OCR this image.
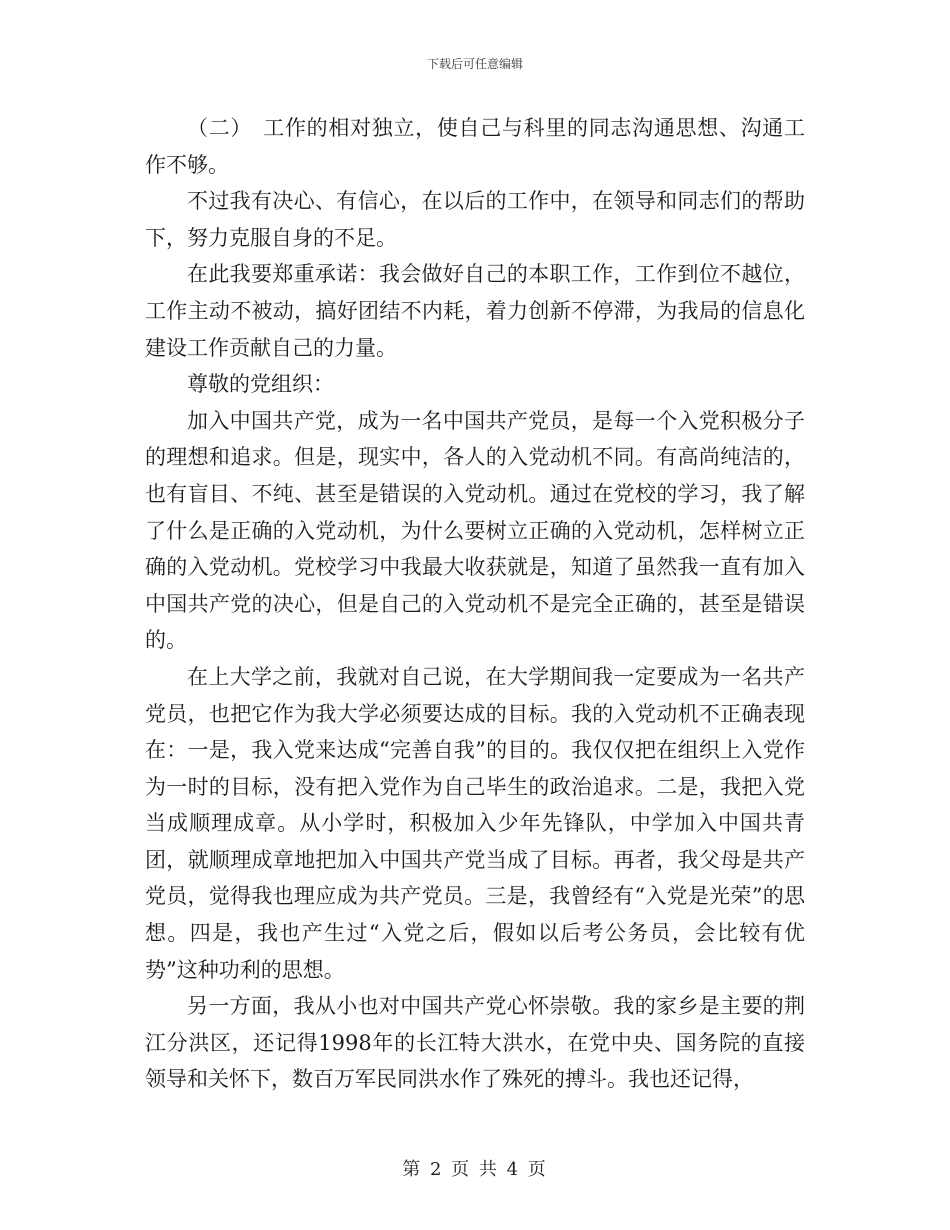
下载后可任意编辑

（二）　工作的相对独立，使自己与科里的同志沟通思想、沟通工作不够。

不过我有决心、有信心，在以后的工作中，在领导和同志们的帮助下，努力克服自身的不足。

在此我要郑重承诺：我会做好自己的本职工作，工作到位不越位，工作主动不被动，搞好团结不内耗，着力创新不停滞，为我局的信息化建设工作贡献自己的力量。

尊敬的党组织：

加入中国共产党，成为一名中国共产党员，是每一个入党积极分子的理想和追求。但是，现实中，各人的入党动机不同。有高尚纯洁的，也有盲目、不纯、甚至是错误的入党动机。通过在党校的学习，我了解了什么是正确的入党动机，为什么要树立正确的入党动机，怎样树立正确的入党动机。党校学习中我最大收获就是，知道了虽然我一直有加入中国共产党的决心，但是自己的入党动机不是完全正确的，甚至是错误的。

在上大学之前，我就对自己说，在大学期间我一定要成为一名共产党员，也把它作为我大学必须要达成的目标。我的入党动机不正确表现在：一是，我入党来达成“完善自我”的目的。我仅仅把在组织上入党作为一时的目标，没有把入党作为自己毕生的政治追求。二是，我把入党当成顺理成章。从小学时，积极加入少年先锋队，中学加入中国共青团，就顺理成章地把加入中国共产党当成了目标。再者，我父母是共产党员，觉得我也理应成为共产党员。三是，我曾经有“入党是光荣”的思想。四是，我也产生过“入党之后，假如以后考公务员，会比较有优势”这种功利的思想。

另一方面，我从小也对中国共产党心怀崇敬。我的家乡是主要的荆江分洪区，还记得1998年的长江特大洪水，在党中央、国务院的直接领导和关怀下，数百万军民同洪水作了殊死的搏斗。我也还记得，

第 2 页 共 4 页
